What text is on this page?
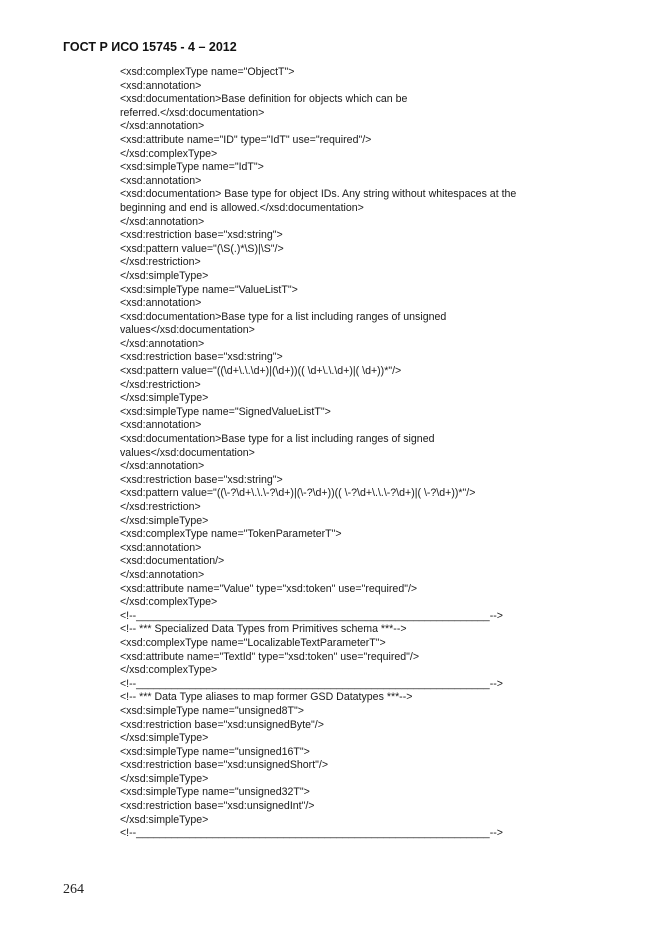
ГОСТ Р ИСО 15745 - 4 – 2012
<xsd:complexType name="ObjectT">
<xsd:annotation>
<xsd:documentation>Base definition for objects which can be
referred.</xsd:documentation>
</xsd:annotation>
<xsd:attribute name="ID" type="IdT" use="required"/>
</xsd:complexType>
<xsd:simpleType name="IdT">
<xsd:annotation>
<xsd:documentation> Base type for object IDs. Any string without whitespaces at the
beginning and end is allowed.</xsd:documentation>
</xsd:annotation>
<xsd:restriction base="xsd:string">
<xsd:pattern value="(\S(.)*\S)|\S"/>
</xsd:restriction>
</xsd:simpleType>
<xsd:simpleType name="ValueListT">
<xsd:annotation>
<xsd:documentation>Base type for a list including ranges of unsigned
values</xsd:documentation>
</xsd:annotation>
<xsd:restriction base="xsd:string">
<xsd:pattern value="((\d+\.\.\d+)|(\d+))(( \d+\.\.\d+)|( \d+))*"/>
</xsd:restriction>
</xsd:simpleType>
<xsd:simpleType name="SignedValueListT">
<xsd:annotation>
<xsd:documentation>Base type for a list including ranges of signed
values</xsd:documentation>
</xsd:annotation>
<xsd:restriction base="xsd:string">
<xsd:pattern value="((\-?\d+\.\.\-?\d+)|(\-?\d+))(( \-?\d+\.\.\-?\d+)|( \-?\d+))*"/>
</xsd:restriction>
</xsd:simpleType>
<xsd:complexType name="TokenParameterT">
<xsd:annotation>
<xsd:documentation/>
</xsd:annotation>
<xsd:attribute name="Value" type="xsd:token" use="required"/>
</xsd:complexType>
<!--____________________________________________________________-->
<!-- *** Specialized Data Types from Primitives schema ***-->
<xsd:complexType name="LocalizableTextParameterT">
<xsd:attribute name="TextId" type="xsd:token" use="required"/>
</xsd:complexType>
<!--____________________________________________________________-->
<!-- *** Data Type aliases to map former GSD Datatypes ***-->
<xsd:simpleType name="unsigned8T">
<xsd:restriction base="xsd:unsignedByte"/>
</xsd:simpleType>
<xsd:simpleType name="unsigned16T">
<xsd:restriction base="xsd:unsignedShort"/>
</xsd:simpleType>
<xsd:simpleType name="unsigned32T">
<xsd:restriction base="xsd:unsignedInt"/>
</xsd:simpleType>
<!--____________________________________________________________-->
264
